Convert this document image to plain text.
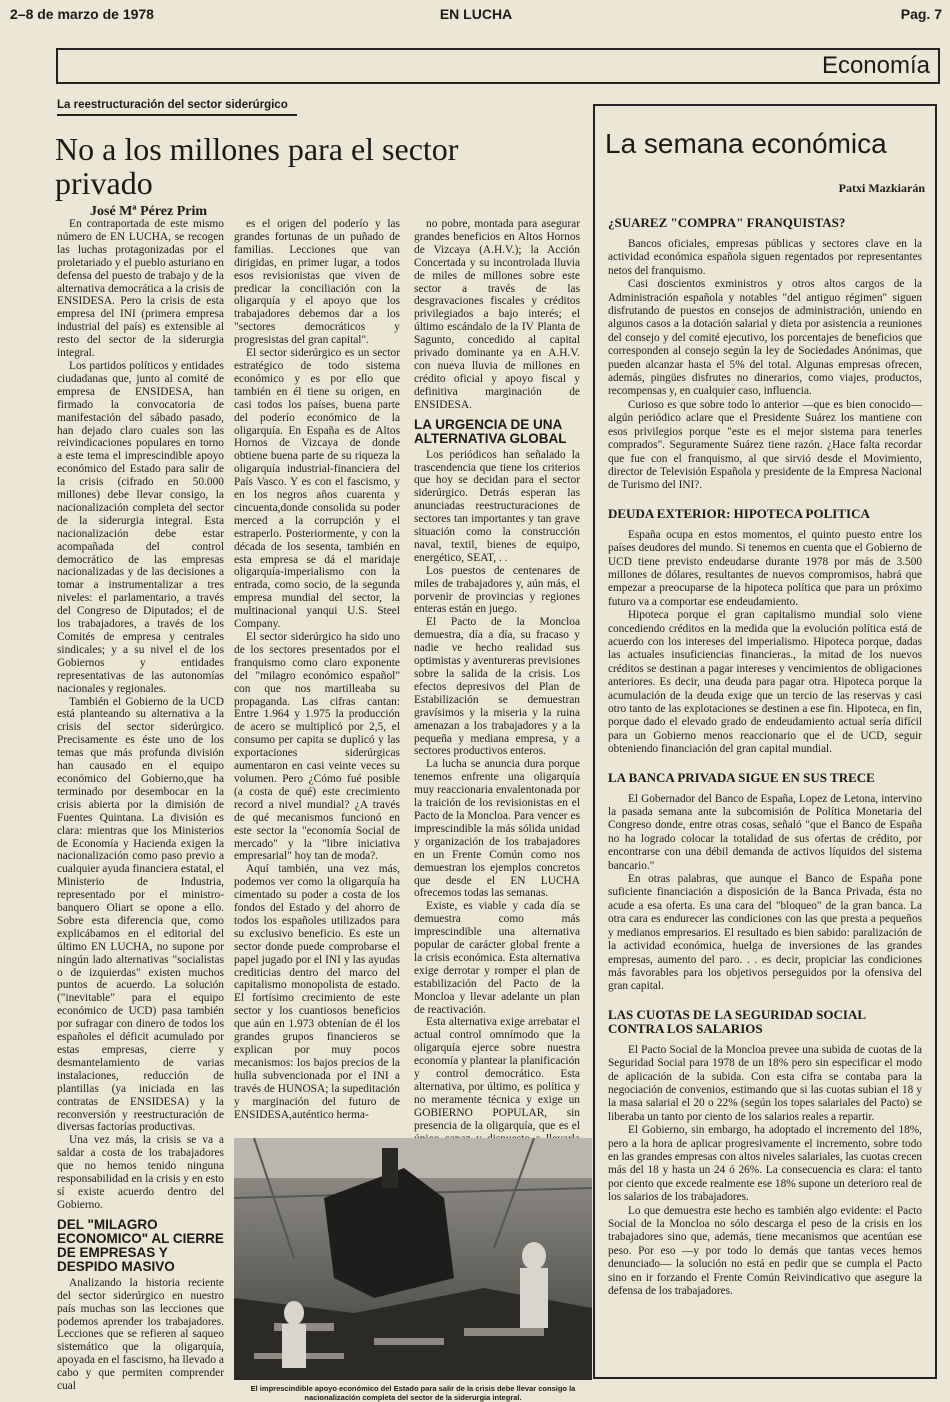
2–8 de marzo de 1978	EN LUCHA	Pag. 7
Economía
La reestructuración del sector siderúrgico
No a los millones para el sector privado
José Mª Pérez Prim

En contraportada de este mismo número de EN LUCHA, se recogen las luchas protagonizadas por el proletariado y el pueblo asturiano en defensa del puesto de trabajo y de la alternativa democrática a la crisis de ENSIDESA. Pero la crisis de esta empresa del INI (primera empresa industrial del país) es extensible al resto del sector de la siderurgia integral.

Los partidos políticos y entidades ciudadanas que, junto al comité de empresa de ENSIDESA, han firmado la convocatoria de manifestación del sábado pasado, han dejado claro cuales son las reivindicaciones populares en torno a este tema el imprescindible apoyo económico del Estado para salir de la crisis (cifrado en 50.000 millones) debe llevar consigo, la nacionalización completa del sector de la siderurgia integral. Esta nacionalización debe estar acompañada del control democrático de las empresas nacionalizadas y de las decisiones a tomar a instrumentalizar a tres niveles: el parlamentario, a través del Congreso de Diputados; el de los trabajadores, a través de los Comités de empresa y centrales sindicales; y a su nivel el de los Gobiernos y entidades representativas de las autonomías nacionales y regionales.

También el Gobierno de la UCD está planteando su alternativa a la crisis del sector siderúrgico. Precisamente es éste uno de los temas que más profunda división han causado en el equipo económico del Gobierno,que ha terminado por desembocar en la crisis abierta por la dimisión de Fuentes Quintana. La división es clara: mientras que los Ministerios de Economía y Hacienda exigen la nacionalización como paso previo a cualquier ayuda financiera estatal, el Ministerio de Industria, representado por el ministro-banquero Oliart se opone a ello. Sobre esta diferencia que, como explicábamos en el editorial del último EN LUCHA, no supone por ningún lado alternativas "socialistas o de izquierdas" existen muchos puntos de acuerdo. La solución ("inevitable" para el equipo económico de UCD) pasa también por sufragar con dinero de todos los españoles el déficit acumulado por estas empresas, cierre y desmantelamiento de varias instalaciones, reducción de plantillas (ya iniciada en las contratas de ENSIDESA) y la reconversión y reestructuración de diversas factorías productivas.

Una vez más, la crisis se va a saldar a costa de los trabajadores que no hemos tenido ninguna responsabilidad en la crisis y en esto sí existe acuerdo dentro del Gobierno.

DEL "MILAGRO ECONOMICO" AL CIERRE DE EMPRESAS Y DESPIDO MASIVO

Analizando la historia reciente del sector siderúrgico en nuestro país muchas son las lecciones que podemos aprender los trabajadores. Lecciones que se refieren al saqueo sistemático que la oligarquía, apoyada en el fascismo, ha llevado a cabo y que permiten comprender cual

es el origen del poderío y las grandes fortunas de un puñado de familias. Lecciones que van dirigidas, en primer lugar, a todos esos revisionistas que viven de predicar la conciliación con la oligarquía y el apoyo que los trabajadores debemos dar a los "sectores democráticos y progresistas del gran capital".

El sector siderúrgico es un sector estratégico de todo sistema económico y es por ello que también en él tiene su origen, en casi todos los países, buena parte del poderío económico de la oligarquía. En España es de Altos Hornos de Vizcaya de donde obtiene buena parte de su riqueza la oligarquía industrial-financiera del País Vasco. Y es con el fascismo, y en los negros años cuarenta y cincuenta,donde consolida su poder merced a la corrupción y el estraperlo. Posteriormente, y con la década de los sesenta, también en esta empresa se dá el maridaje oligarquía-imperialismo con la entrada, como socio, de la segunda empresa mundial del sector, la multinacional yanqui U.S. Steel Company.

El sector siderúrgico ha sido uno de los sectores presentados por el franquismo como claro exponente del "milagro económico español" con que nos martilleaba su propaganda. Las cifras cantan: Entre 1.964 y 1.975 la producción de acero se multiplicó por 2,5, el consumo per capita se duplicó y las exportaciones siderúrgicas aumentaron en casi veinte veces su volumen. Pero ¿Cómo fué posible (a costa de qué) este crecimiento record a nivel mundial? ¿A través de qué mecanismos funcionó en este sector la "economía Social de mercado" y la "libre iniciativa empresarial" hoy tan de moda?.

Aquí también, una vez más, podemos ver como la oligarquía ha cimentado su poder a costa de los fondos del Estado y del ahorro de todos los españoles utilizados para su exclusivo beneficio. Es este un sector donde puede comprobarse el papel jugado por el INI y las ayudas crediticias dentro del marco del capitalismo monopolista de estado. El fortísimo crecimiento de este sector y los cuantiosos beneficios que aún en 1.973 obtenían de él los grandes grupos financieros se explican por muy pocos mecanismos: los bajos precios de la hulla subvencionada por el INI a través de HUNOSA; la supeditación y marginación del futuro de ENSIDESA,auténtico herma-

no pobre, montada para asegurar grandes beneficios en Altos Hornos de Vizcaya (A.H.V.); la Acción Concertada y su incontrolada lluvia de miles de millones sobre este sector a través de las desgravaciones fiscales y créditos privilegiados a bajo interés; el último escándalo de la IV Planta de Sagunto, concedido al capital privado dominante ya en A.H.V. con nueva lluvia de millones en crédito oficial y apoyo fiscal y definitiva marginación de ENSIDESA.

LA URGENCIA DE UNA ALTERNATIVA GLOBAL

Los periódicos han señalado la trascendencia que tiene los criterios que hoy se decidan para el sector siderúrgico. Detrás esperan las anunciadas reestructuraciones de sectores tan importantes y tan grave situación como la construcción naval, textil, bienes de equipo, energético, SEAT, . .

Los puestos de centenares de miles de trabajadores y, aún más, el porvenir de provincias y regiones enteras están en juego.

El Pacto de la Moncloa demuestra, día a día, su fracaso y nadie ve hecho realidad sus optimistas y aventureras previsiones sobre la salida de la crisis. Los efectos depresivos del Plan de Estabilización se demuestran gravísimos y la miseria y la ruina amenazan a los trabajadores y a la pequeña y mediana empresa, y a sectores productivos enteros.

La lucha se anuncia dura porque tenemos enfrente una oligarquía muy reaccionaria envalentonada por la traición de los revisionistas en el Pacto de la Moncloa. Para vencer es imprescindible la más sólida unidad y organización de los trabajadores en un Frente Común como nos demuestran los ejemplos concretos que desde el EN LUCHA ofrecemos todas las semanas.

Existe, es viable y cada día se demuestra como más imprescindible una alternativa popular de carácter global frente a la crisis económica. Esta alternativa exige derrotar y romper el plan de estabilización del Pacto de la Moncloa y llevar adelante un plan de reactivación.

Esta alternativa exige arrebatar el actual control omnímodo que la oligarquía ejerce sobre nuestra economía y plantear la planificación y control democrático. Esta alternativa, por último, es política y no meramente técnica y exige un GOBIERNO POPULAR, sin presencia de la oligarquía, que es el

El imprescindible apoyo económico del Estado para salir de la crisis debe llevar consigo la nacionalización completa del sector de la siderurgia integral.
La semana económica
Patxi Mazkiarán
¿SUAREZ "COMPRA" FRANQUISTAS?

Bancos oficiales, empresas públicas y sectores clave en la actividad económica española siguen regentados por representantes netos del franquismo.

Casi doscientos exministros y otros altos cargos de la Administración española y notables "del antiguo régimen" siguen disfrutando de puestos en consejos de administración, uniendo en algunos casos a la dotación salarial y dieta por asistencia a reuniones del consejo y del comité ejecutivo, los porcentajes de beneficios que corresponden al consejo según la ley de Sociedades Anónimas, que pueden alcanzar hasta el 5% del total. Algunas empresas ofrecen, además, pingües disfrutes no dinerarios, como viajes, productos, recompensas y, en cualquier caso, influencia.

Curioso es que sobre todo lo anterior —que es bien conocido— algún periódico aclare que el Presidente Suárez los mantiene con esos privilegios porque "este es el mejor sistema para tenerles comprados". Seguramente Suárez tiene razón. ¿Hace falta recordar que fue con el franquismo, al que sirvió desde el Movimiento, director de Televisión Española y presidente de la Empresa Nacional de Turismo del INI?.

DEUDA EXTERIOR: HIPOTECA POLITICA

España ocupa en estos momentos, el quinto puesto entre los países deudores del mundo. Si tenemos en cuenta que el Gobierno de UCD tiene previsto endeudarse durante 1978 por más de 3.500 millones de dólares, resultantes de nuevos compromisos, habrá que empezar a preocuparse de la hipoteca política que para un próximo futuro va a comportar ese endeudamiento.

Hipoteca porque el gran capitalismo mundial solo viene concediendo créditos en la medida que la evolución política está de acuerdo con los intereses del imperialismo. Hipoteca porque, dadas las actuales insuficiencias financieras., la mitad de los nuevos créditos se destinan a pagar intereses y vencimientos de obligaciones anteriores. Es decir, una deuda para pagar otra. Hipoteca porque la acumulación de la deuda exige que un tercio de las reservas y casi otro tanto de las explotaciones se destinen a ese fin. Hipoteca, en fin, porque dado el elevado grado de endeudamiento actual sería difícil para un Gobierno menos reaccionario que el de UCD, seguir obteniendo financiación del gran capital mundial.

LA BANCA PRIVADA SIGUE EN SUS TRECE

El Gobernador del Banco de España, Lopez de Letona, intervino la pasada semana ante la subcomisión de Política Monetaria del Congreso donde, entre otras cosas, señaló "que el Banco de España no ha logrado colocar la totalidad de sus ofertas de crédito, por encontrarse con una débil demanda de activos líquidos del sistema bancario."

En otras palabras, que aunque el Banco de España pone suficiente financiación a disposición de la Banca Privada, ésta no acude a esa oferta. Es una cara del "bloqueo" de la gran banca. La otra cara es endurecer las condiciones con las que presta a pequeños y medianos empresarios. El resultado es bien sabido: paralización de la actividad económica, huelga de inversiones de las grandes empresas, aumento del paro. . . es decir, propiciar las condiciones más favorables para los objetivos perseguidos por la ofensiva del gran capital.

LAS CUOTAS DE LA SEGURIDAD SOCIAL CONTRA LOS SALARIOS

El Pacto Social de la Moncloa prevee una subida de cuotas de la Seguridad Social para 1978 de un 18% pero sin especificar el modo de aplicación de la subida. Con esta cifra se contaba para la negociación de convenios, estimando que si las cuotas subian el 18 y la masa salarial el 20 o 22% (según los topes salariales del Pacto) se liberaba un tanto por ciento de los salarios reales a repartir.

El Gobierno, sin embargo, ha adoptado el incremento del 18%, pero a la hora de aplicar progresivamente el incremento, sobre todo en las grandes empresas con altos niveles salariales, las cuotas crecen más del 18 y hasta un 24 ó 26%. La consecuencia es clara: el tanto por ciento que excede realmente ese 18% supone un deterioro real de los salarios de los trabajadores.

Lo que demuestra este hecho es también algo evidente: el Pacto Social de la Moncloa no sólo descarga el peso de la crisis en los trabajadores sino que, además, tiene mecanismos que acentúan ese peso. Por eso —y por todo lo demás que tantas veces hemos denunciado— la solución no está en pedir que se cumpla el Pacto sino en ir forzando el Frente Común Reivindicativo que asegure la defensa de los trabajadores.
